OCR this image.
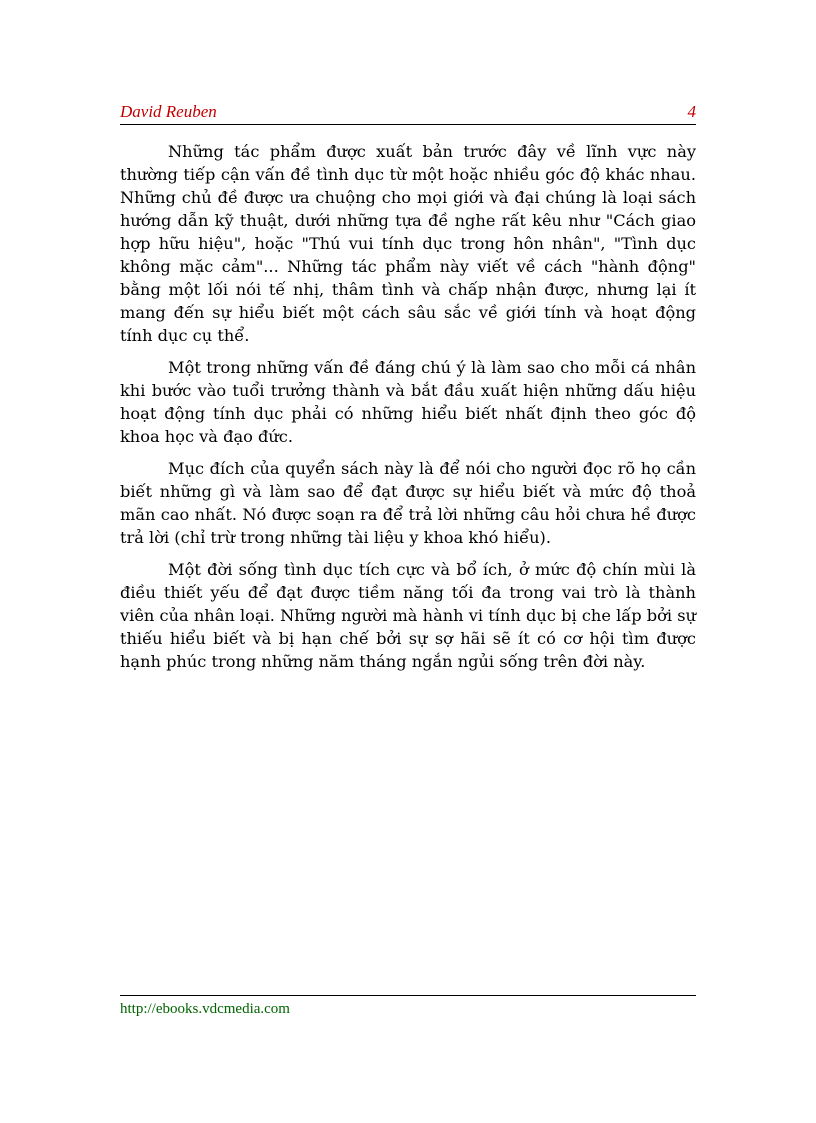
David Reuben	4

Những tác phẩm được xuất bản trước đây về lĩnh vực này thường tiếp cận vấn đề tình dục từ một hoặc nhiều góc độ khác nhau. Những chủ đề được ưa chuộng cho mọi giới và đại chúng là loại sách hướng dẫn kỹ thuật, dưới những tựa đề nghe rất kêu như "Cách giao hợp hữu hiệu", hoặc "Thú vui tính dục trong hôn nhân", "Tình dục không mặc cảm"... Những tác phẩm này viết về cách "hành động" bằng một lối nói tế nhị, thâm tình và chấp nhận được, nhưng lại ít mang đến sự hiểu biết một cách sâu sắc về giới tính và hoạt động tính dục cụ thể.

Một trong những vấn đề đáng chú ý là làm sao cho mỗi cá nhân khi bước vào tuổi trưởng thành và bắt đầu xuất hiện những dấu hiệu hoạt động tính dục phải có những hiểu biết nhất định theo góc độ khoa học và đạo đức.

Mục đích của quyển sách này là để nói cho người đọc rõ họ cần biết những gì và làm sao để đạt được sự hiểu biết và mức độ thoả mãn cao nhất. Nó được soạn ra để trả lời những câu hỏi chưa hề được trả lời (chỉ trừ trong những tài liệu y khoa khó hiểu).

Một đời sống tình dục tích cực và bổ ích, ở mức độ chín mùi là điều thiết yếu để đạt được tiềm năng tối đa trong vai trò là thành viên của nhân loại. Những người mà hành vi tính dục bị che lấp bởi sự thiếu hiểu biết và bị hạn chế bởi sự sợ hãi sẽ ít có cơ hội tìm được hạnh phúc trong những năm tháng ngắn ngủi sống trên đời này.

http://ebooks.vdcmedia.com
